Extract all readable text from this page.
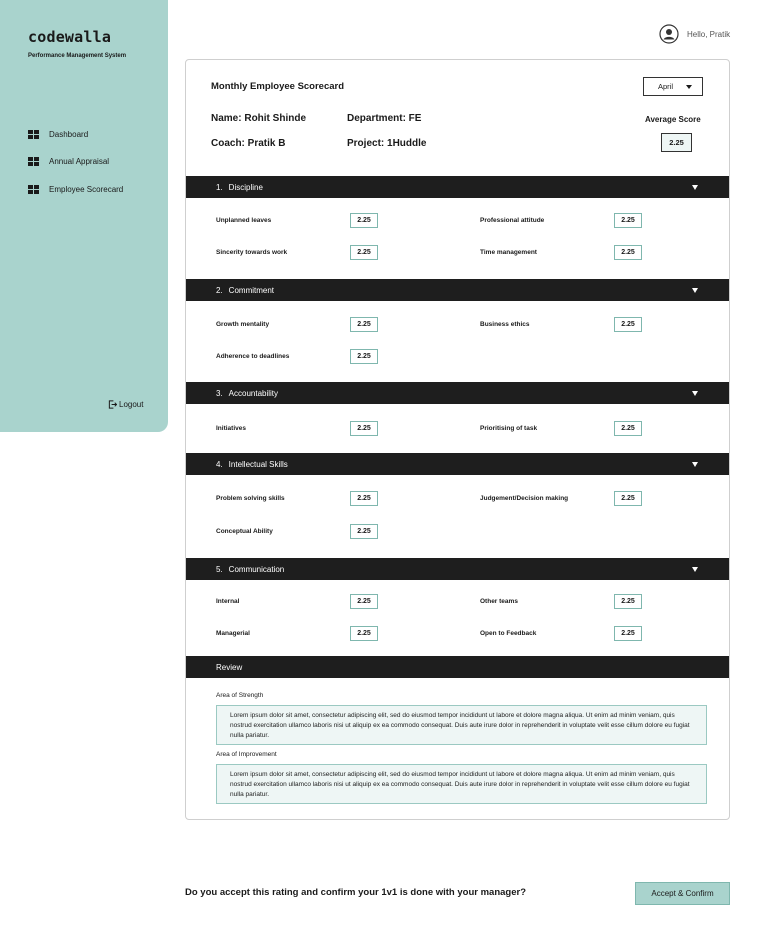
codewalla
Performance Management System
Dashboard
Annual Appraisal
Employee Scorecard
Logout
Hello, Pratik
Monthly Employee Scorecard	April
Name: Rohit Shinde	Department: FE
Coach: Pratik B	Project: 1Huddle
Average Score
2.25
1. Discipline
Unplanned leaves	2.25	Professional attitude	2.25
Sincerity towards work	2.25	Time management	2.25
2. Commitment
Growth mentality	2.25	Business ethics	2.25
Adherence to deadlines	2.25
3. Accountability
Initiatives	2.25	Prioritising of task	2.25
4. Intellectual Skills
Problem solving skills	2.25	Judgement/Decision making	2.25
Conceptual Ability	2.25
5. Communication
Internal	2.25	Other teams	2.25
Managerial	2.25	Open to Feedback	2.25
Review
Area of Strength
Lorem ipsum dolor sit amet, consectetur adipiscing elit, sed do eiusmod tempor incididunt ut labore et dolore magna aliqua. Ut enim ad minim veniam, quis nostrud exercitation ullamco laboris nisi ut aliquip ex ea commodo consequat. Duis aute irure dolor in reprehenderit in voluptate velit esse cillum dolore eu fugiat nulla pariatur.
Area of Improvement
Lorem ipsum dolor sit amet, consectetur adipiscing elit, sed do eiusmod tempor incididunt ut labore et dolore magna aliqua. Ut enim ad minim veniam, quis nostrud exercitation ullamco laboris nisi ut aliquip ex ea commodo consequat. Duis aute irure dolor in reprehenderit in voluptate velit esse cillum dolore eu fugiat nulla pariatur.
Do you accept this rating and confirm your 1v1 is done with your manager?	Accept & Confirm
